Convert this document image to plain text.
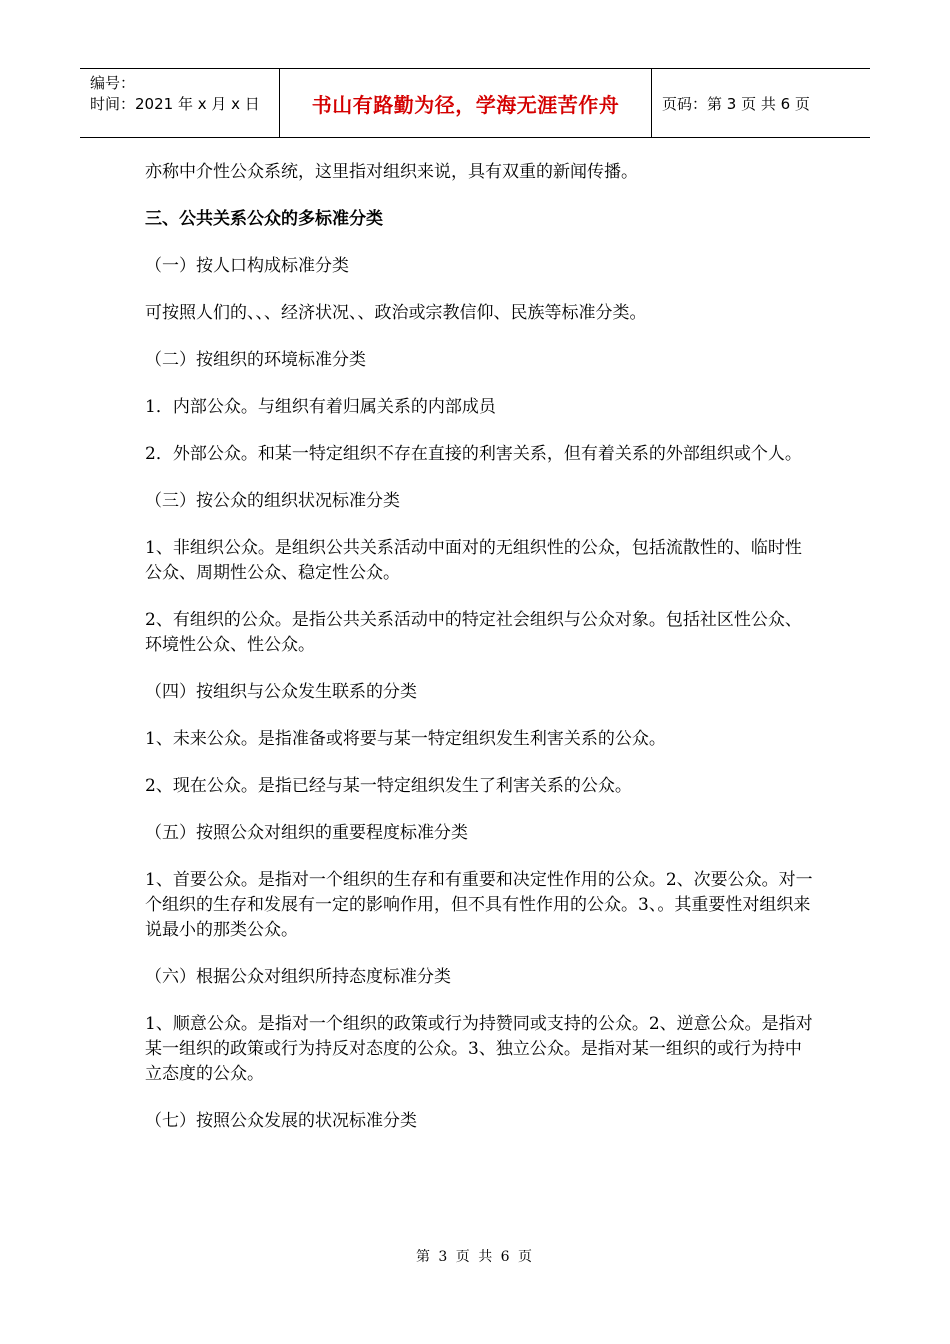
编号：
时间：2021 年 x 月 x 日	书山有路勤为径，学海无涯苦作舟	页码：第 3 页 共 6 页

亦称中介性公众系统，这里指对组织来说，具有双重的新闻传播。

三、公共关系公众的多标准分类

（一）按人口构成标准分类

可按照人们的、、、经济状况、、政治或宗教信仰、民族等标准分类。

（二）按组织的环境标准分类

1．内部公众。与组织有着归属关系的内部成员

2．外部公众。和某一特定组织不存在直接的利害关系，但有着关系的外部组织或个人。

（三）按公众的组织状况标准分类

1、非组织公众。是组织公共关系活动中面对的无组织性的公众，包括流散性的、临时性公众、周期性公众、稳定性公众。

2、有组织的公众。是指公共关系活动中的特定社会组织与公众对象。包括社区性公众、环境性公众、性公众。

（四）按组织与公众发生联系的分类

1、未来公众。是指准备或将要与某一特定组织发生利害关系的公众。

2、现在公众。是指已经与某一特定组织发生了利害关系的公众。

（五）按照公众对组织的重要程度标准分类

1、首要公众。是指对一个组织的生存和有重要和决定性作用的公众。2、次要公众。对一个组织的生存和发展有一定的影响作用，但不具有性作用的公众。3、。其重要性对组织来说最小的那类公众。

（六）根据公众对组织所持态度标准分类

1、顺意公众。是指对一个组织的政策或行为持赞同或支持的公众。2、逆意公众。是指对某一组织的政策或行为持反对态度的公众。3、独立公众。是指对某一组织的或行为持中立态度的公众。

（七）按照公众发展的状况标准分类

第 3 页 共 6 页
